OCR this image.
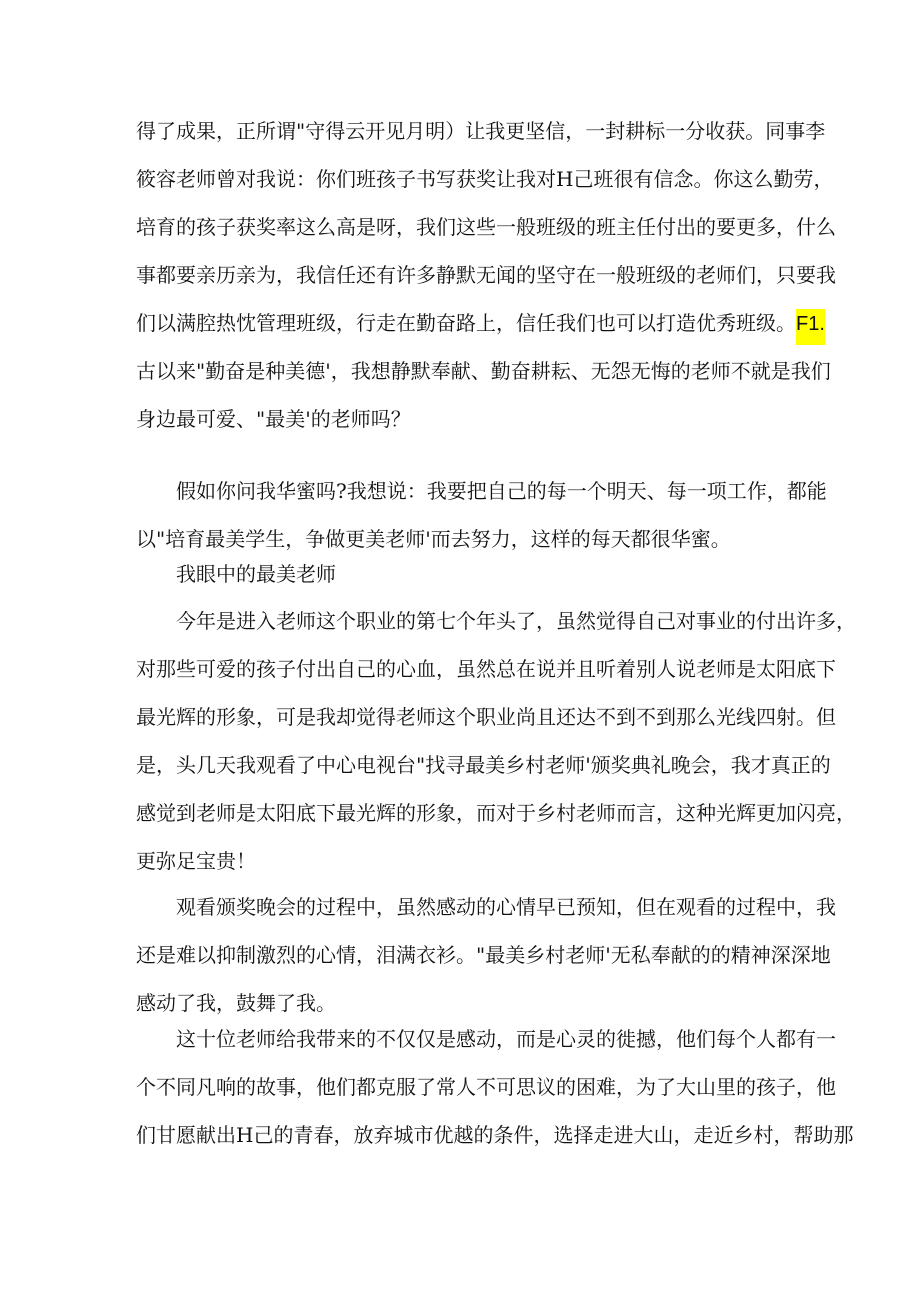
得了成果，正所谓"守得云开见月明）让我更坚信，一封耕标一分收获。同事李
筱容老师曾对我说：你们班孩子书写获奖让我对H己班很有信念。你这么勤劳，
培育的孩子获奖率这么高是呀，我们这些一般班级的班主任付出的要更多，什么
事都要亲历亲为，我信任还有许多静默无闻的坚守在一般班级的老师们，只要我
们以满腔热忱管理班级，行走在勤奋路上，信任我们也可以打造优秀班级。F1.
古以来"勤奋是种美德'，我想静默奉献、勤奋耕耘、无怨无悔的老师不就是我们
身边最可爱、"最美'的老师吗？
假如你问我华蜜吗?我想说：我要把自己的每一个明天、每一项工作，都能
以"培育最美学生，争做更美老师'而去努力，这样的每天都很华蜜。
我眼中的最美老师
今年是进入老师这个职业的第七个年头了，虽然觉得自己对事业的付出许多，
对那些可爱的孩子付出自己的心血，虽然总在说并且听着别人说老师是太阳底下
最光辉的形象，可是我却觉得老师这个职业尚且还达不到不到那么光线四射。但
是，头几天我观看了中心电视台"找寻最美乡村老师'颁奖典礼晚会，我才真正的
感觉到老师是太阳底下最光辉的形象，而对于乡村老师而言，这种光辉更加闪亮，
更弥足宝贵！
观看颁奖晚会的过程中，虽然感动的心情早已预知，但在观看的过程中，我
还是难以抑制激烈的心情，泪满衣衫。"最美乡村老师'无私奉献的的精神深深地
感动了我，鼓舞了我。
这十位老师给我带来的不仅仅是感动，而是心灵的徙撼，他们每个人都有一
个不同凡响的故事，他们都克服了常人不可思议的困难，为了大山里的孩子，他
们甘愿献出H己的青春，放弃城市优越的条件，选择走进大山，走近乡村，帮助那
